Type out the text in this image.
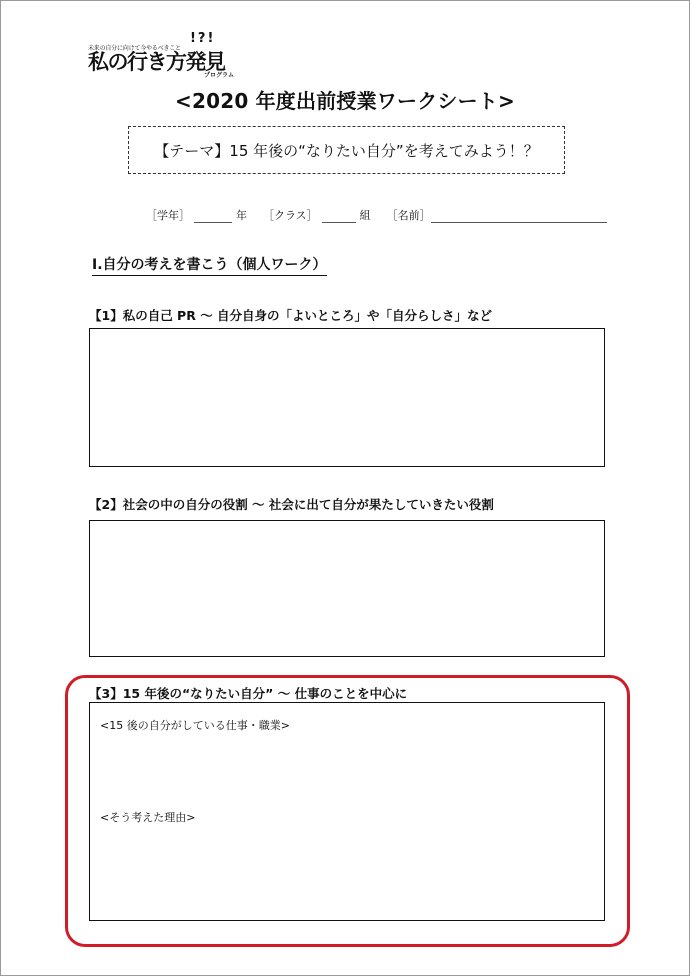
!?!
未来の自分に向けて今やるべきこと
私の行き方発見
プログラム
<2020 年度出前授業ワークシート>
【テーマ】15 年後の“なりたい自分”を考えてみよう！？
［学年］	年 ［クラス］	組 ［名前］
Ⅰ.自分の考えを書こう（個人ワーク）
【1】私の自己 PR ～ 自分自身の「よいところ」や「自分らしさ」など
【2】社会の中の自分の役割 ～ 社会に出て自分が果たしていきたい役割
【3】15 年後の“なりたい自分” ～ 仕事のことを中心に
<15 後の自分がしている仕事・職業>
<そう考えた理由>
